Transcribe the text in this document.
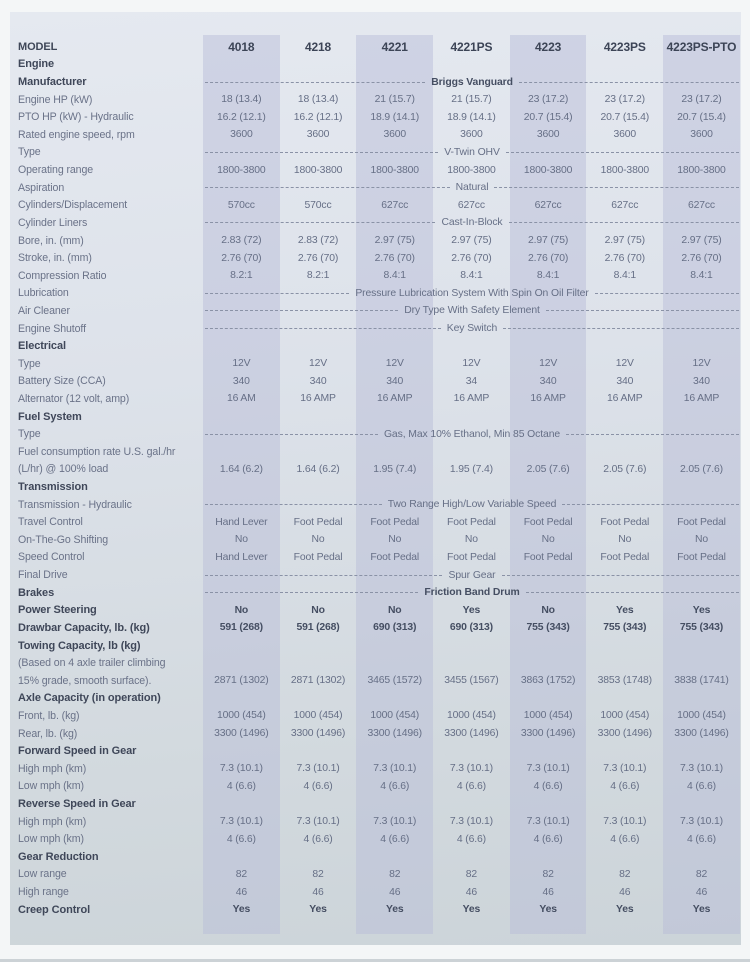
MODEL	4018	4218	4221	4221PS	4223	4223PS	4223PS-PTO
Engine
Manufacturer	Briggs Vanguard
Engine HP (kW)	18 (13.4)	18 (13.4)	21 (15.7)	21 (15.7)	23 (17.2)	23 (17.2)	23 (17.2)
PTO HP (kW) - Hydraulic	16.2 (12.1)	16.2 (12.1)	18.9 (14.1)	18.9 (14.1)	20.7 (15.4)	20.7 (15.4)	20.7 (15.4)
Rated engine speed, rpm	3600	3600	3600	3600	3600	3600	3600
Type	V-Twin OHV
Operating range	1800-3800	1800-3800	1800-3800	1800-3800	1800-3800	1800-3800	1800-3800
Aspiration	Natural
Cylinders/Displacement	570cc	570cc	627cc	627cc	627cc	627cc	627cc
Cylinder Liners	Cast-In-Block
Bore, in. (mm)	2.83 (72)	2.83 (72)	2.97 (75)	2.97 (75)	2.97 (75)	2.97 (75)	2.97 (75)
Stroke, in. (mm)	2.76 (70)	2.76 (70)	2.76 (70)	2.76 (70)	2.76 (70)	2.76 (70)	2.76 (70)
Compression Ratio	8.2:1	8.2:1	8.4:1	8.4:1	8.4:1	8.4:1	8.4:1
Lubrication	Pressure Lubrication System With Spin On Oil Filter
Air Cleaner	Dry Type With Safety Element
Engine Shutoff	Key Switch
Electrical
Type	12V	12V	12V	12V	12V	12V	12V
Battery Size (CCA)	340	340	340	34	340	340	340
Alternator (12 volt, amp)	16 AM	16 AMP	16 AMP	16 AMP	16 AMP	16 AMP	16 AMP
Fuel System
Type	Gas, Max 10% Ethanol, Min 85 Octane
Fuel consumption rate U.S. gal./hr
(L/hr) @ 100% load	1.64 (6.2)	1.64 (6.2)	1.95 (7.4)	1.95 (7.4)	2.05 (7.6)	2.05 (7.6)	2.05 (7.6)
Transmission
Transmission - Hydraulic	Two Range High/Low Variable Speed
Travel Control	Hand Lever	Foot Pedal	Foot Pedal	Foot Pedal	Foot Pedal	Foot Pedal	Foot Pedal
On-The-Go Shifting	No	No	No	No	No	No	No
Speed Control	Hand Lever	Foot Pedal	Foot Pedal	Foot Pedal	Foot Pedal	Foot Pedal	Foot Pedal
Final Drive	Spur Gear
Brakes	Friction Band Drum
Power Steering	No	No	No	Yes	No	Yes	Yes
Drawbar Capacity, lb. (kg)	591 (268)	591 (268)	690 (313)	690 (313)	755 (343)	755 (343)	755 (343)
Towing Capacity, lb (kg)
(Based on 4 axle trailer climbing
15% grade, smooth surface).	2871 (1302)	2871 (1302)	3465 (1572)	3455 (1567)	3863 (1752)	3853 (1748)	3838 (1741)
Axle Capacity (in operation)
Front, lb. (kg)	1000 (454)	1000 (454)	1000 (454)	1000 (454)	1000 (454)	1000 (454)	1000 (454)
Rear, lb. (kg)	3300 (1496)	3300 (1496)	3300 (1496)	3300 (1496)	3300 (1496)	3300 (1496)	3300 (1496)
Forward Speed in Gear
High mph (km)	7.3 (10.1)	7.3 (10.1)	7.3 (10.1)	7.3 (10.1)	7.3 (10.1)	7.3 (10.1)	7.3 (10.1)
Low mph (km)	4 (6.6)	4 (6.6)	4 (6.6)	4 (6.6)	4 (6.6)	4 (6.6)	4 (6.6)
Reverse Speed in Gear
High mph (km)	7.3 (10.1)	7.3 (10.1)	7.3 (10.1)	7.3 (10.1)	7.3 (10.1)	7.3 (10.1)	7.3 (10.1)
Low mph (km)	4 (6.6)	4 (6.6)	4 (6.6)	4 (6.6)	4 (6.6)	4 (6.6)	4 (6.6)
Gear Reduction
Low range	82	82	82	82	82	82	82
High range	46	46	46	46	46	46	46
Creep Control	Yes	Yes	Yes	Yes	Yes	Yes	Yes
